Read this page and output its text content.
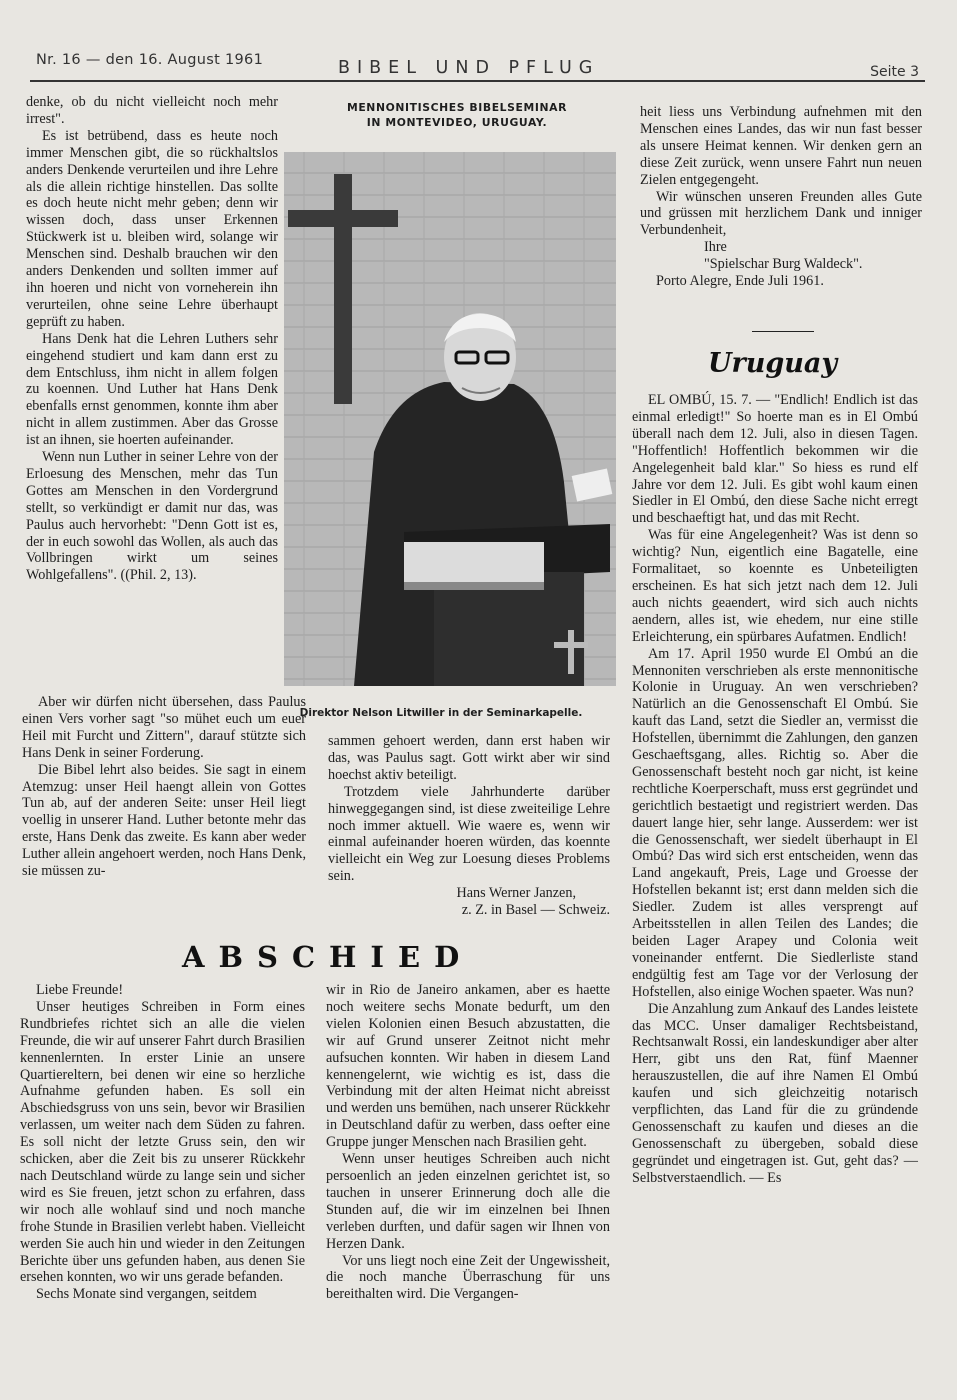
Nr. 16 — den 16. August 1961	BIBEL UND PFLUG	Seite 3

denke, ob du nicht vielleicht noch mehr irrest".

Es ist betrübend, dass es heute noch immer Menschen gibt, die so rückhaltslos anders Denkende verurteilen und ihre Lehre als die allein richtige hinstellen. Das sollte es doch heute nicht mehr geben; denn wir wissen doch, dass unser Erkennen Stückwerk ist u. bleiben wird, solange wir Menschen sind. Deshalb brauchen wir den anders Denkenden und sollten immer auf ihn hoeren und nicht von vorneherein ihn verurteilen, ohne seine Lehre überhaupt geprüft zu haben.

Hans Denk hat die Lehren Luthers sehr eingehend studiert und kam dann erst zu dem Entschluss, ihm nicht in allem folgen zu koennen. Und Luther hat Hans Denk ebenfalls ernst genommen, konnte ihm aber nicht in allem zustimmen. Aber das Grosse ist an ihnen, sie hoerten aufeinander.

Wenn nun Luther in seiner Lehre von der Erloesung des Menschen, mehr das Tun Gottes am Menschen in den Vordergrund stellt, so verkündigt er damit nur das, was Paulus auch hervorhebt: "Denn Gott ist es, der in euch sowohl das Wollen, als auch das Vollbringen wirkt um seines Wohlgefallens". ((Phil. 2, 13).

MENNONITISCHES BIBELSEMINAR
IN MONTEVIDEO, URUGUAY.
Direktor Nelson Litwiller in der Seminarkapelle.

Aber wir dürfen nicht übersehen, dass Paulus einen Vers vorher sagt "so mühet euch um euer Heil mit Furcht und Zittern", darauf stützte sich Hans Denk in seiner Forderung.

Die Bibel lehrt also beides. Sie sagt in einem Atemzug: unser Heil haengt allein von Gottes Tun ab, auf der anderen Seite: unser Heil liegt voellig in unserer Hand. Luther betonte mehr das erste, Hans Denk das zweite. Es kann aber weder Luther allein angehoert werden, noch Hans Denk, sie müssen zu-

sammen gehoert werden, dann erst haben wir das, was Paulus sagt. Gott wirkt aber wir sind hoechst aktiv beteiligt.

Trotzdem viele Jahrhunderte darüber hinweggegangen sind, ist diese zweiteilige Lehre noch immer aktuell. Wie waere es, wenn wir einmal aufeinander hoeren würden, das koennte vielleicht ein Weg zur Loesung dieses Problems sein.

Hans Werner Janzen,

z. Z. in Basel — Schweiz.

heit liess uns Verbindung aufnehmen mit den Menschen eines Landes, das wir nun fast besser als unsere Heimat kennen. Wir denken gern an diese Zeit zurück, wenn unsere Fahrt nun neuen Zielen entgegengeht.

Wir wünschen unseren Freunden alles Gute und grüssen mit herzlichem Dank und inniger Verbundenheit,

Ihre

"Spielschar Burg Waldeck".

Porto Alegre, Ende Juli 1961.

Uruguay

EL OMBÚ, 15. 7. — "Endlich! Endlich ist das einmal erledigt!" So hoerte man es in El Ombú überall nach dem 12. Juli, also in diesen Tagen. "Hoffentlich! Hoffentlich bekommen wir die Angelegenheit bald klar." So hiess es rund elf Jahre vor dem 12. Juli. Es gibt wohl kaum einen Siedler in El Ombú, den diese Sache nicht erregt und beschaeftigt hat, und das mit Recht.

Was für eine Angelegenheit? Was ist denn so wichtig? Nun, eigentlich eine Bagatelle, eine Formalitaet, so koennte es Unbeteiligten erscheinen. Es hat sich jetzt nach dem 12. Juli auch nichts geaendert, wird sich auch nichts aendern, alles ist, wie ehedem, nur eine stille Erleichterung, ein spürbares Aufatmen. Endlich!

Am 17. April 1950 wurde El Ombú an die Mennoniten verschrieben als erste mennonitische Kolonie in Uruguay. An wen verschrieben? Natürlich an die Genossenschaft El Ombú. Sie kauft das Land, setzt die Siedler an, vermisst die Hofstellen, übernimmt die Zahlungen, den ganzen Geschaeftsgang, alles. Richtig so. Aber die Genossenschaft besteht noch gar nicht, ist keine rechtliche Koerperschaft, muss erst gegründet und gerichtlich bestaetigt und registriert werden. Das dauert lange hier, sehr lange. Ausserdem: wer ist die Genossenschaft, wer siedelt überhaupt in El Ombú? Das wird sich erst entscheiden, wenn das Land angekauft, Preis, Lage und Groesse der Hofstellen bekannt ist; erst dann melden sich die Siedler. Zudem ist alles versprengt auf Arbeitsstellen in allen Teilen des Landes; die beiden Lager Arapey und Colonia weit voneinander entfernt. Die Siedlerliste stand endgültig fest am Tage vor der Verlosung der Hofstellen, also einige Wochen spaeter. Was nun?

Die Anzahlung zum Ankauf des Landes leistete das MCC. Unser damaliger Rechtsbeistand, Rechtsanwalt Rossi, ein landeskundiger aber alter Herr, gibt uns den Rat, fünf Maenner herauszustellen, die auf ihre Namen El Ombú kaufen und sich gleichzeitig notarisch verpflichten, das Land für die zu gründende Genossenschaft zu kaufen und dieses an die Genossenschaft zu übergeben, sobald diese gegründet und eingetragen ist. Gut, geht das? — Selbstverstaendlich. — Es

ABSCHIED

Liebe Freunde!

Unser heutiges Schreiben in Form eines Rundbriefes richtet sich an alle die vielen Freunde, die wir auf unserer Fahrt durch Brasilien kennenlernten. In erster Linie an unsere Quartiereltern, bei denen wir eine so herzliche Aufnahme gefunden haben. Es soll ein Abschiedsgruss von uns sein, bevor wir Brasilien verlassen, um weiter nach dem Süden zu fahren. Es soll nicht der letzte Gruss sein, den wir schicken, aber die Zeit bis zu unserer Rückkehr nach Deutschland würde zu lange sein und sicher wird es Sie freuen, jetzt schon zu erfahren, dass wir noch alle wohlauf sind und noch manche frohe Stunde in Brasilien verlebt haben. Vielleicht werden Sie auch hin und wieder in den Zeitungen Berichte über uns gefunden haben, aus denen Sie ersehen konnten, wo wir uns gerade befanden.

Sechs Monate sind vergangen, seitdem

wir in Rio de Janeiro ankamen, aber es haette noch weitere sechs Monate bedurft, um den vielen Kolonien einen Besuch abzustatten, die wir auf Grund unserer Zeitnot nicht mehr aufsuchen konnten. Wir haben in diesem Land kennengelernt, wie wichtig es ist, dass die Verbindung mit der alten Heimat nicht abreisst und werden uns bemühen, nach unserer Rückkehr in Deutschland dafür zu werben, dass oefter eine Gruppe junger Menschen nach Brasilien geht.

Wenn unser heutiges Schreiben auch nicht persoenlich an jeden einzelnen gerichtet ist, so tauchen in unserer Erinnerung doch alle die Stunden auf, die wir im einzelnen bei Ihnen verleben durften, und dafür sagen wir Ihnen von Herzen Dank.

Vor uns liegt noch eine Zeit der Ungewissheit, die noch manche Überraschung für uns bereithalten wird. Die Vergangen-
